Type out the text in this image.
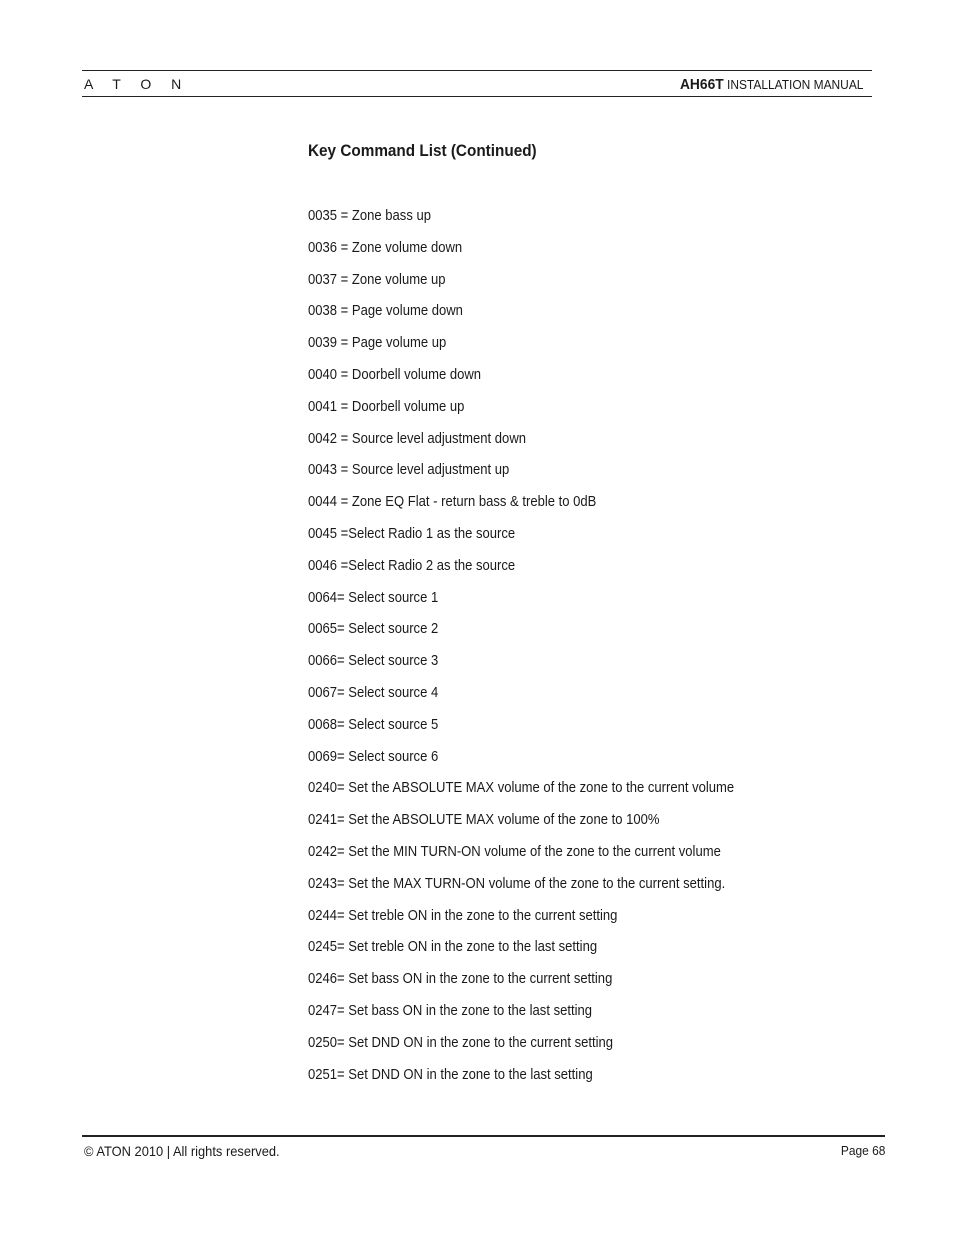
A T O N	AH66T INSTALLATION MANUAL
Key Command List (Continued)
0035 = Zone bass up
0036 = Zone volume down
0037 = Zone volume up
0038 = Page volume down
0039 = Page volume up
0040 = Doorbell volume down
0041 = Doorbell volume up
0042 = Source level adjustment down
0043 = Source level adjustment up
0044 = Zone EQ Flat - return bass & treble to 0dB
0045 =Select Radio 1 as the source
0046 =Select Radio 2 as the source
0064= Select source 1
0065= Select source 2
0066= Select source 3
0067= Select source 4
0068= Select source 5
0069= Select source 6
0240= Set the ABSOLUTE MAX volume of the zone to the current volume
0241= Set the ABSOLUTE MAX volume of the zone to 100%
0242= Set the MIN TURN-ON volume of the zone to the current volume
0243= Set the MAX TURN-ON volume of the zone to the current setting.
0244= Set treble ON in the zone to the current setting
0245= Set treble ON in the zone to the last setting
0246= Set bass ON in the zone to the current setting
0247= Set bass ON in the zone to the last setting
0250= Set DND ON in the zone to the current setting
0251= Set DND ON in the zone to the last setting
© ATON 2010 | All rights reserved.	Page 68
